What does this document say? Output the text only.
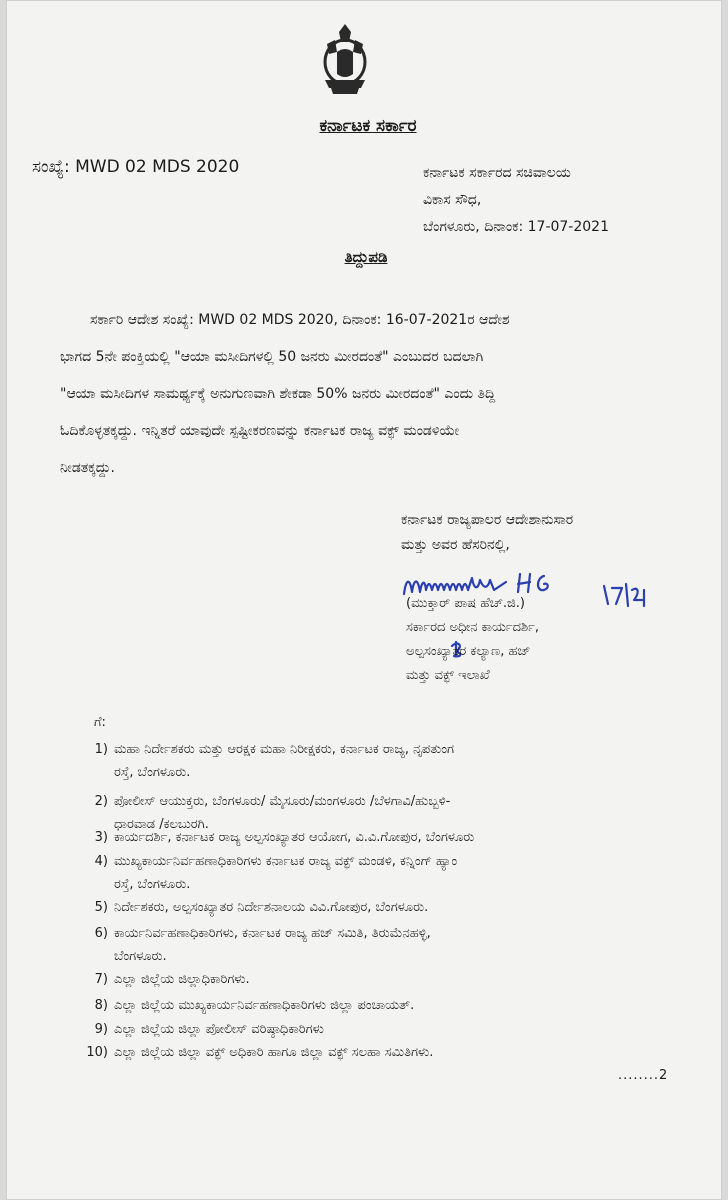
ಕರ್ನಾಟಕ ಸರ್ಕಾರ
ಸಂಖ್ಯೆ: MWD 02 MDS 2020	ಕರ್ನಾಟಕ ಸರ್ಕಾರದ ಸಚಿವಾಲಯ
ವಿಕಾಸ ಸೌಧ,
ಬೆಂಗಳೂರು, ದಿನಾಂಕ: 17-07-2021
ತಿದ್ದುಪಡಿ
ಸರ್ಕಾರಿ ಆದೇಶ ಸಂಖ್ಯೆ: MWD 02 MDS 2020, ದಿನಾಂಕ: 16-07-2021ರ ಆದೇಶ
ಭಾಗದ 5ನೇ ಪಂಕ್ತಿಯಲ್ಲಿ "ಆಯಾ ಮಸೀದಿಗಳಲ್ಲಿ 50 ಜನರು ಮೀರದಂತೆ" ಎಂಬುದರ ಬದಲಾಗಿ
"ಆಯಾ ಮಸೀದಿಗಳ ಸಾಮರ್ಥ್ಯಕ್ಕೆ ಅನುಗುಣವಾಗಿ ಶೇಕಡಾ 50% ಜನರು ಮೀರದಂತೆ" ಎಂದು ತಿದ್ದಿ
ಓದಿಕೊಳ್ಳತಕ್ಕದ್ದು. ಇನ್ನಿತರೆ ಯಾವುದೇ ಸ್ಪಷ್ಟೀಕರಣವನ್ನು ಕರ್ನಾಟಕ ರಾಜ್ಯ ವಕ್ಫ್ ಮಂಡಳಿಯೇ
ನೀಡತಕ್ಕದ್ದು.
ಕರ್ನಾಟಕ ರಾಜ್ಯಪಾಲರ ಆದೇಶಾನುಸಾರ
ಮತ್ತು ಅವರ ಹೆಸರಿನಲ್ಲಿ,
(ಮುಕ್ತಾರ್ ಪಾಷ ಹೆಚ್.ಜಿ.)
ಸರ್ಕಾರದ ಅಧೀನ ಕಾರ್ಯದರ್ಶಿ,
ಅಲ್ಪಸಂಖ್ಯಾತರ ಕಲ್ಯಾಣ, ಹಜ್
ಮತ್ತು ವಕ್ಫ್ ಇಲಾಖೆ
ಗೆ:
1) ಮಹಾ ನಿರ್ದೇಶಕರು ಮತ್ತು ಆರಕ್ಷಕ ಮಹಾ ನಿರೀಕ್ಷಕರು, ಕರ್ನಾಟಕ ರಾಜ್ಯ, ನೃಪತುಂಗ
ರಸ್ತೆ, ಬೆಂಗಳೂರು.
2) ಪೋಲೀಸ್ ಆಯುಕ್ತರು, ಬೆಂಗಳೂರು/ ಮೈಸೂರು/ಮಂಗಳೂರು /ಬೆಳಗಾವಿ/ಹುಬ್ಬಳಿ-
ಧಾರವಾಡ /ಕಲಬುರಗಿ.
3) ಕಾರ್ಯದರ್ಶಿ, ಕರ್ನಾಟಕ ರಾಜ್ಯ ಅಲ್ಪಸಂಖ್ಯಾತರ ಆಯೋಗ, ವಿ.ವಿ.ಗೋಪುರ, ಬೆಂಗಳೂರು
4) ಮುಖ್ಯಕಾರ್ಯನಿರ್ವಹಣಾಧಿಕಾರಿಗಳು ಕರ್ನಾಟಕ ರಾಜ್ಯ ವಕ್ಫ್ ಮಂಡಳಿ, ಕನ್ನಿಂಗ್ ಹ್ಯಾಂ
ರಸ್ತೆ, ಬೆಂಗಳೂರು.
5) ನಿರ್ದೇಶಕರು, ಅಲ್ಪಸಂಖ್ಯಾತರ ನಿರ್ದೇಶನಾಲಯ ವಿವಿ.ಗೋಪುರ, ಬೆಂಗಳೂರು.
6) ಕಾರ್ಯನಿರ್ವಹಣಾಧಿಕಾರಿಗಳು, ಕರ್ನಾಟಕ ರಾಜ್ಯ ಹಜ್ ಸಮಿತಿ, ತಿರುಮೆನಹಳ್ಳಿ,
ಬೆಂಗಳೂರು.
7) ಎಲ್ಲಾ ಜಿಲ್ಲೆಯ ಜಿಲ್ಲಾಧಿಕಾರಿಗಳು.
8) ಎಲ್ಲಾ ಜಿಲ್ಲೆಯ ಮುಖ್ಯಕಾರ್ಯನಿರ್ವಹಣಾಧಿಕಾರಿಗಳು ಜಿಲ್ಲಾ ಪಂಚಾಯತ್.
9) ಎಲ್ಲಾ ಜಿಲ್ಲೆಯ ಜಿಲ್ಲಾ ಪೋಲೀಸ್ ವರಿಷ್ಠಾಧಿಕಾರಿಗಳು
10) ಎಲ್ಲಾ ಜಿಲ್ಲೆಯ ಜಿಲ್ಲಾ ವಕ್ಫ್ ಅಧಿಕಾರಿ ಹಾಗೂ ಜಿಲ್ಲಾ ವಕ್ಫ್ ಸಲಹಾ ಸಮಿತಿಗಳು.
........2
